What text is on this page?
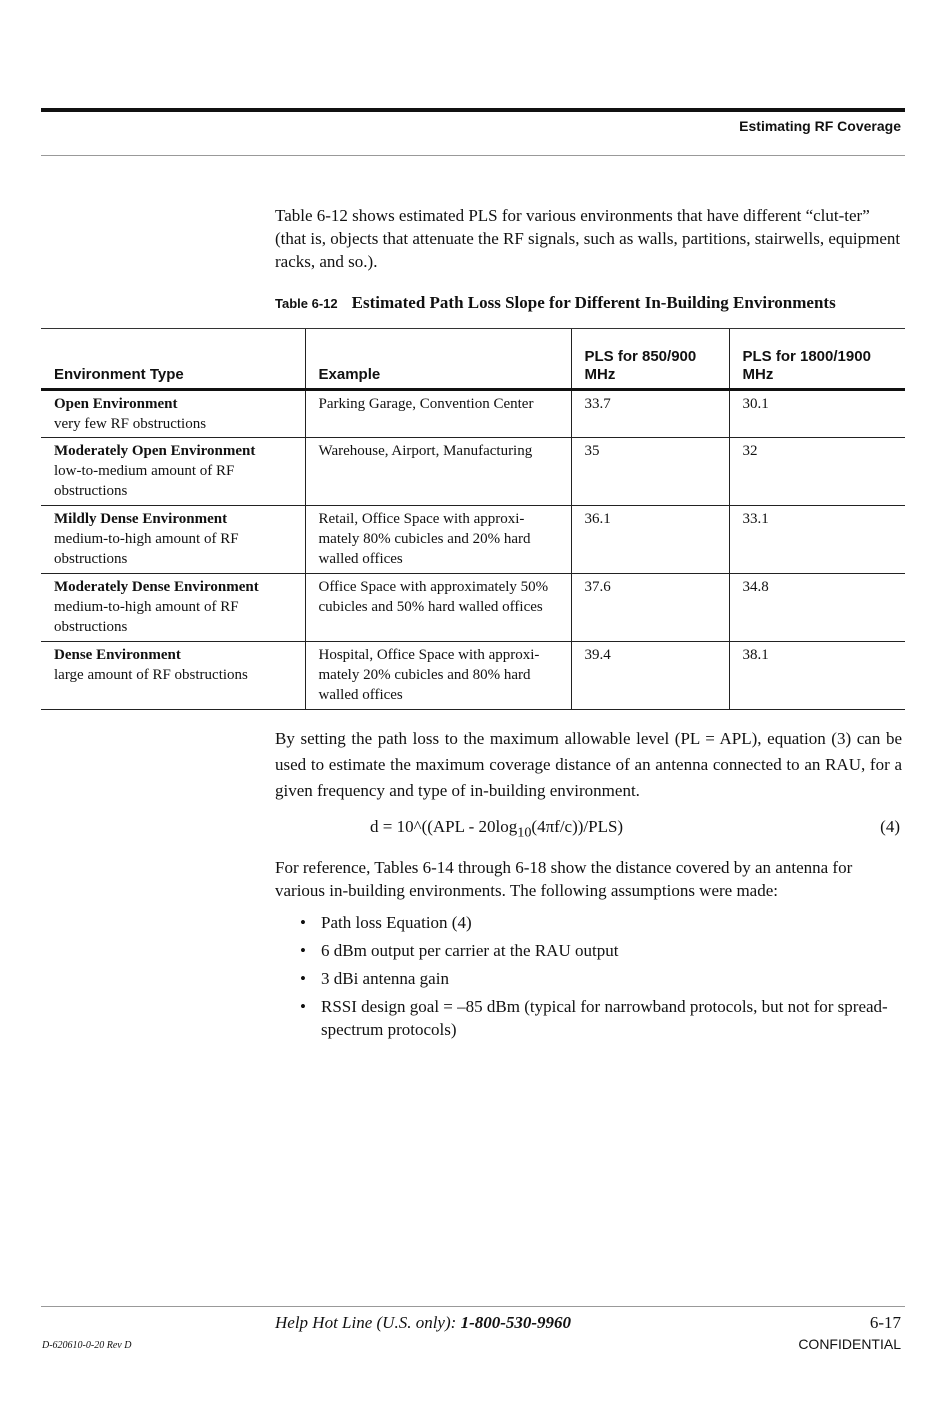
Estimating RF Coverage
Table 6-12 shows estimated PLS for various environments that have different “clut-ter” (that is, objects that attenuate the RF signals, such as walls, partitions, stairwells, equipment racks, and so.).
Table 6-12 Estimated Path Loss Slope for Different In-Building Environments
Environment Type	Example	PLS for 850/900 MHz	PLS for 1800/1900 MHz

Open Environment
very few RF obstructions	Parking Garage, Convention Center	33.7	30.1

Moderately Open Environment
low-to-medium amount of RF obstructions	Warehouse, Airport, Manufacturing	35	32

Mildly Dense Environment
medium-to-high amount of RF obstructions	Retail, Office Space with approxi-mately 80% cubicles and 20% hard walled offices	36.1	33.1

Moderately Dense Environment
medium-to-high amount of RF obstructions	Office Space with approximately 50% cubicles and 50% hard walled offices	37.6	34.8

Dense Environment
large amount of RF obstructions	Hospital, Office Space with approxi-mately 20% cubicles and 80% hard walled offices	39.4	38.1
By setting the path loss to the maximum allowable level (PL = APL), equation (3) can be used to estimate the maximum coverage distance of an antenna connected to an RAU, for a given frequency and type of in-building environment.
d = 10^((APL - $20\log_{10}(4\pi f/c))/PLS$)	(4)
For reference, Tables 6-14 through 6-18 show the distance covered by an antenna for various in-building environments. The following assumptions were made:
• Path loss Equation (4)
• 6 dBm output per carrier at the RAU output
• 3 dBi antenna gain
• RSSI design goal = –85 dBm (typical for narrowband protocols, but not for spread-spectrum protocols)
Help Hot Line (U.S. only): 1-800-530-9960	6-17
D-620610-0-20 Rev D	CONFIDENTIAL
